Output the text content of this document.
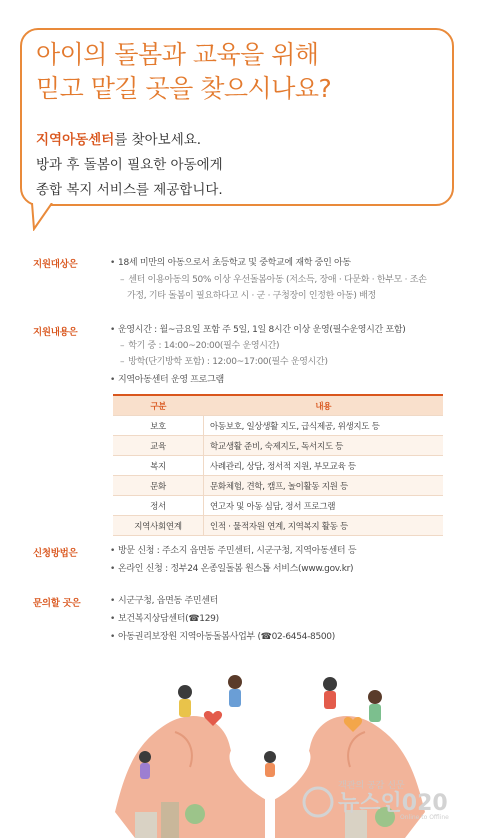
아이의 돌봄과 교육을 위해
믿고 맡길 곳을 찾으시나요?
지역아동센터를 찾아보세요.
방과 후 돌봄이 필요한 아동에게
종합 복지 서비스를 제공합니다.
지원대상은	• 18세 미만의 아동으로서 초등학교 및 중학교에 재학 중인 아동
– 센터 이용아동의 50% 이상 우선돌봄아동 (저소득, 장애 · 다문화 · 한부모 · 조손
가정, 기타 돌봄이 필요하다고 시 · 군 · 구청장이 인정한 아동) 배정
지원내용은	• 운영시간 : 월~금요일 포함 주 5일, 1일 8시간 이상 운영(필수운영시간 포함)
– 학기 중 : 14:00~20:00(필수 운영시간)
– 방학(단기방학 포함) : 12:00~17:00(필수 운영시간)
• 지역아동센터 운영 프로그램
구분	내용
보호	아동보호, 일상생활 지도, 급식제공, 위생지도 등
교육	학교생활 준비, 숙제지도, 독서지도 등
복지	사례관리, 상담, 정서적 지원, 부모교육 등
문화	문화체험, 견학, 캠프, 놀이활동 지원 등
정서	연고자 및 아동 심담, 정서 프로그램
지역사회연계	인적 · 물적자원 연계, 지역복지 활동 등
신청방법은	• 방문 신청 : 주소지 읍면동 주민센터, 시군구청, 지역아동센터 등
• 온라인 신청 : 정부24 온종일돌봄 원스톱 서비스(www.gov.kr)
문의할 곳은	• 시군구청, 읍면동 주민센터
• 보건복지상담센터(☎129)
• 아동권리보장원 지역아동돌봄사업부 (☎02-6454-8500)
객관의 공감 신문
뉴스인020
Online to Offline
